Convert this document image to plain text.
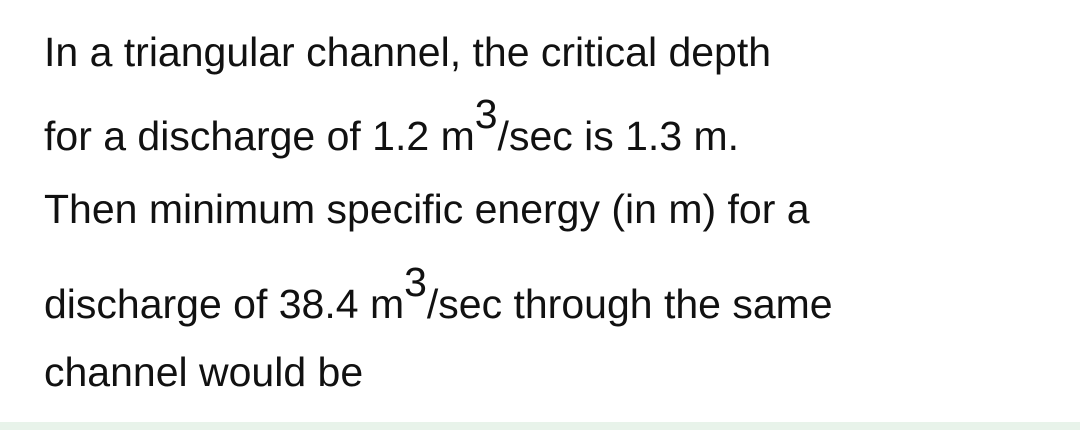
In a triangular channel, the critical depth
for a discharge of 1.2 m3/sec is 1.3 m.
Then minimum specific energy (in m) for a
discharge of 38.4 m3/sec through the same
channel would be
